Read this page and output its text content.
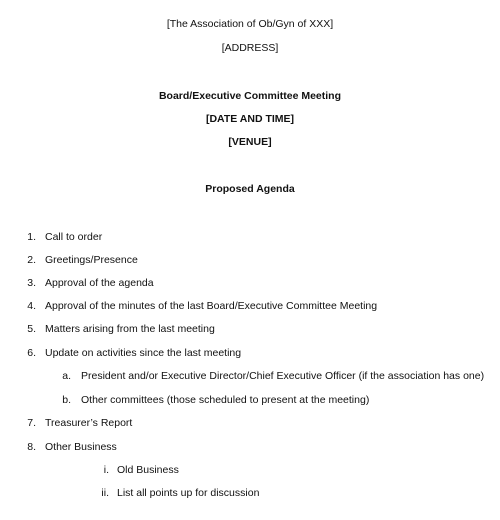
[The Association of Ob/Gyn of XXX]
[ADDRESS]
Board/Executive Committee Meeting
[DATE AND TIME]
[VENUE]
Proposed Agenda
1. Call to order
2. Greetings/Presence
3. Approval of the agenda
4. Approval of the minutes of the last Board/Executive Committee Meeting
5. Matters arising from the last meeting
6. Update on activities since the last meeting
a. President and/or Executive Director/Chief Executive Officer (if the association has one)
b. Other committees (those scheduled to present at the meeting)
7. Treasurer’s Report
8. Other Business
i. Old Business
ii. List all points up for discussion
